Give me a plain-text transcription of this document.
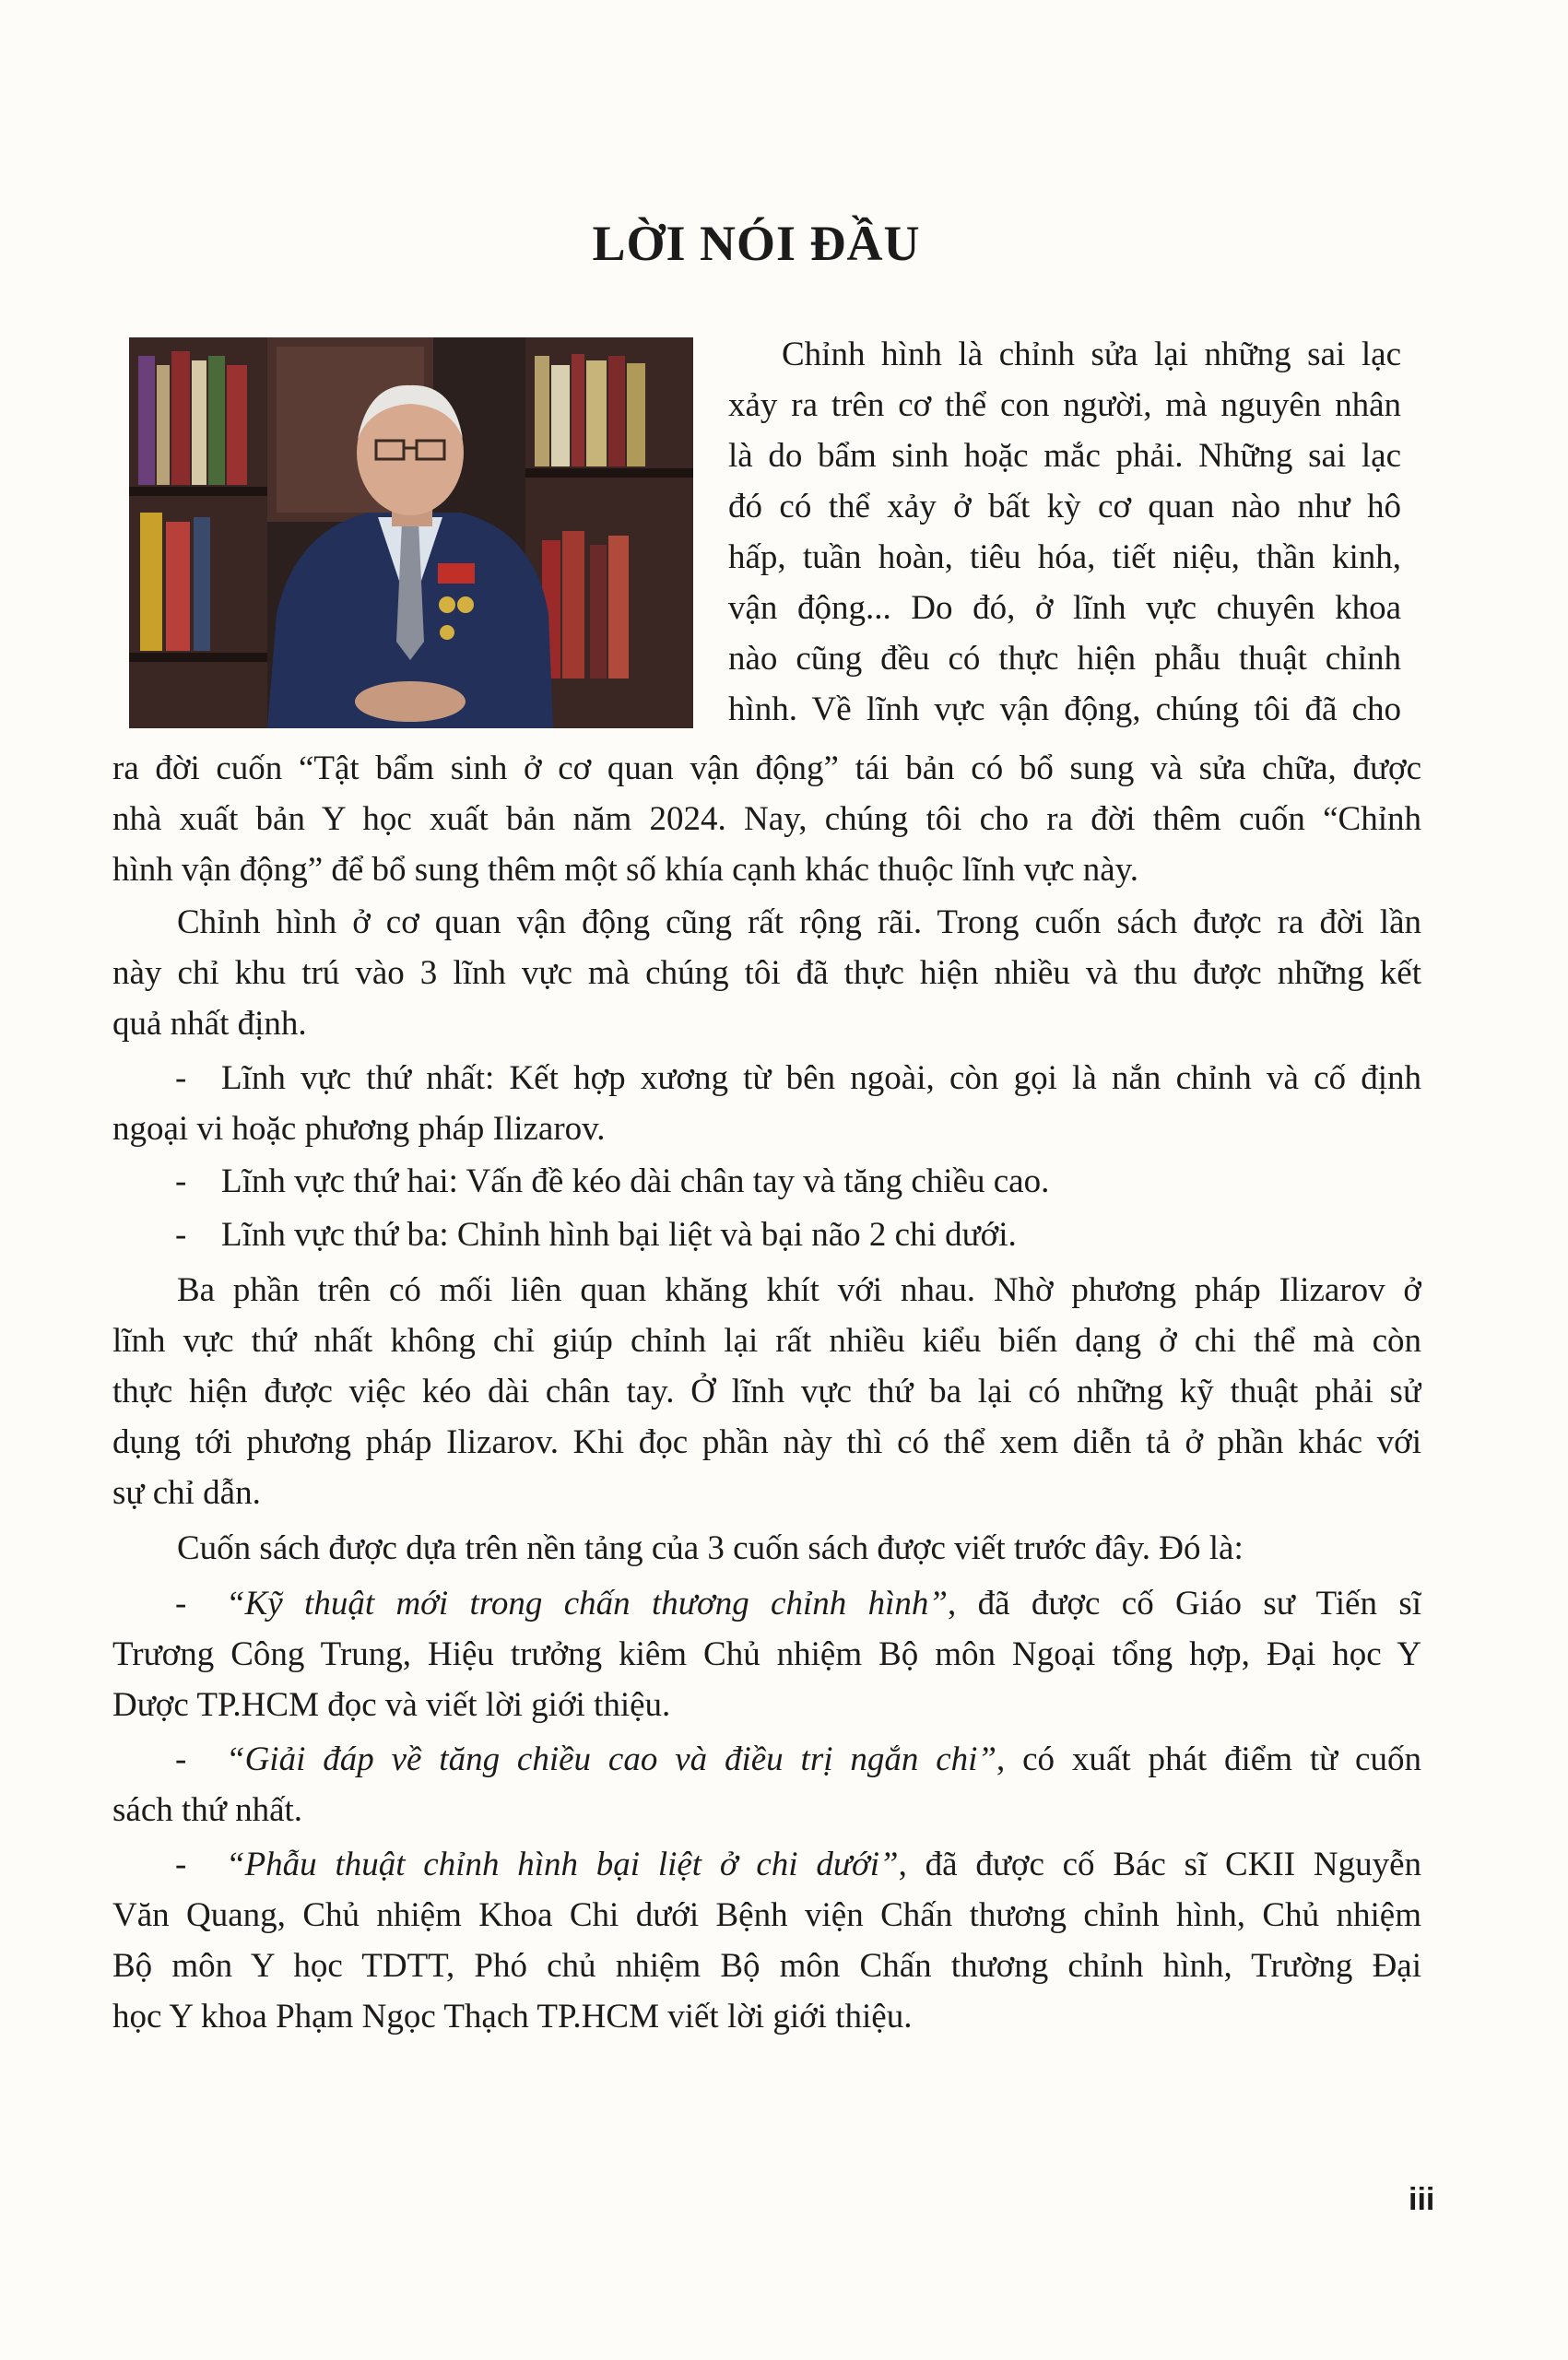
LỜI NÓI ĐẦU
Chỉnh hình là chỉnh sửa lại những sai lạc
xảy ra trên cơ thể con người, mà nguyên nhân
là do bẩm sinh hoặc mắc phải. Những sai lạc
đó có thể xảy ở bất kỳ cơ quan nào như hô
hấp, tuần hoàn, tiêu hóa, tiết niệu, thần kinh,
vận động... Do đó, ở lĩnh vực chuyên khoa
nào cũng đều có thực hiện phẫu thuật chỉnh
hình. Về lĩnh vực vận động, chúng tôi đã cho
ra đời cuốn “Tật bẩm sinh ở cơ quan vận động” tái bản có bổ sung và sửa chữa, được
nhà xuất bản Y học xuất bản năm 2024. Nay, chúng tôi cho ra đời thêm cuốn “Chỉnh
hình vận động” để bổ sung thêm một số khía cạnh khác thuộc lĩnh vực này.
Chỉnh hình ở cơ quan vận động cũng rất rộng rãi. Trong cuốn sách được ra đời lần
này chỉ khu trú vào 3 lĩnh vực mà chúng tôi đã thực hiện nhiều và thu được những kết
quả nhất định.
- Lĩnh vực thứ nhất: Kết hợp xương từ bên ngoài, còn gọi là nắn chỉnh và cố định
ngoại vi hoặc phương pháp Ilizarov.
- Lĩnh vực thứ hai: Vấn đề kéo dài chân tay và tăng chiều cao.
- Lĩnh vực thứ ba: Chỉnh hình bại liệt và bại não 2 chi dưới.
Ba phần trên có mối liên quan khăng khít với nhau. Nhờ phương pháp Ilizarov ở
lĩnh vực thứ nhất không chỉ giúp chỉnh lại rất nhiều kiểu biến dạng ở chi thể mà còn
thực hiện được việc kéo dài chân tay. Ở lĩnh vực thứ ba lại có những kỹ thuật phải sử
dụng tới phương pháp Ilizarov. Khi đọc phần này thì có thể xem diễn tả ở phần khác với
sự chỉ dẫn.
Cuốn sách được dựa trên nền tảng của 3 cuốn sách được viết trước đây. Đó là:
- “Kỹ thuật mới trong chấn thương chỉnh hình”, đã được cố Giáo sư Tiến sĩ
Trương Công Trung, Hiệu trưởng kiêm Chủ nhiệm Bộ môn Ngoại tổng hợp, Đại học Y
Dược TP.HCM đọc và viết lời giới thiệu.
- “Giải đáp về tăng chiều cao và điều trị ngắn chi”, có xuất phát điểm từ cuốn
sách thứ nhất.
- “Phẫu thuật chỉnh hình bại liệt ở chi dưới”, đã được cố Bác sĩ CKII Nguyễn
Văn Quang, Chủ nhiệm Khoa Chi dưới Bệnh viện Chấn thương chỉnh hình, Chủ nhiệm
Bộ môn Y học TDTT, Phó chủ nhiệm Bộ môn Chấn thương chỉnh hình, Trường Đại
học Y khoa Phạm Ngọc Thạch TP.HCM viết lời giới thiệu.
iii
